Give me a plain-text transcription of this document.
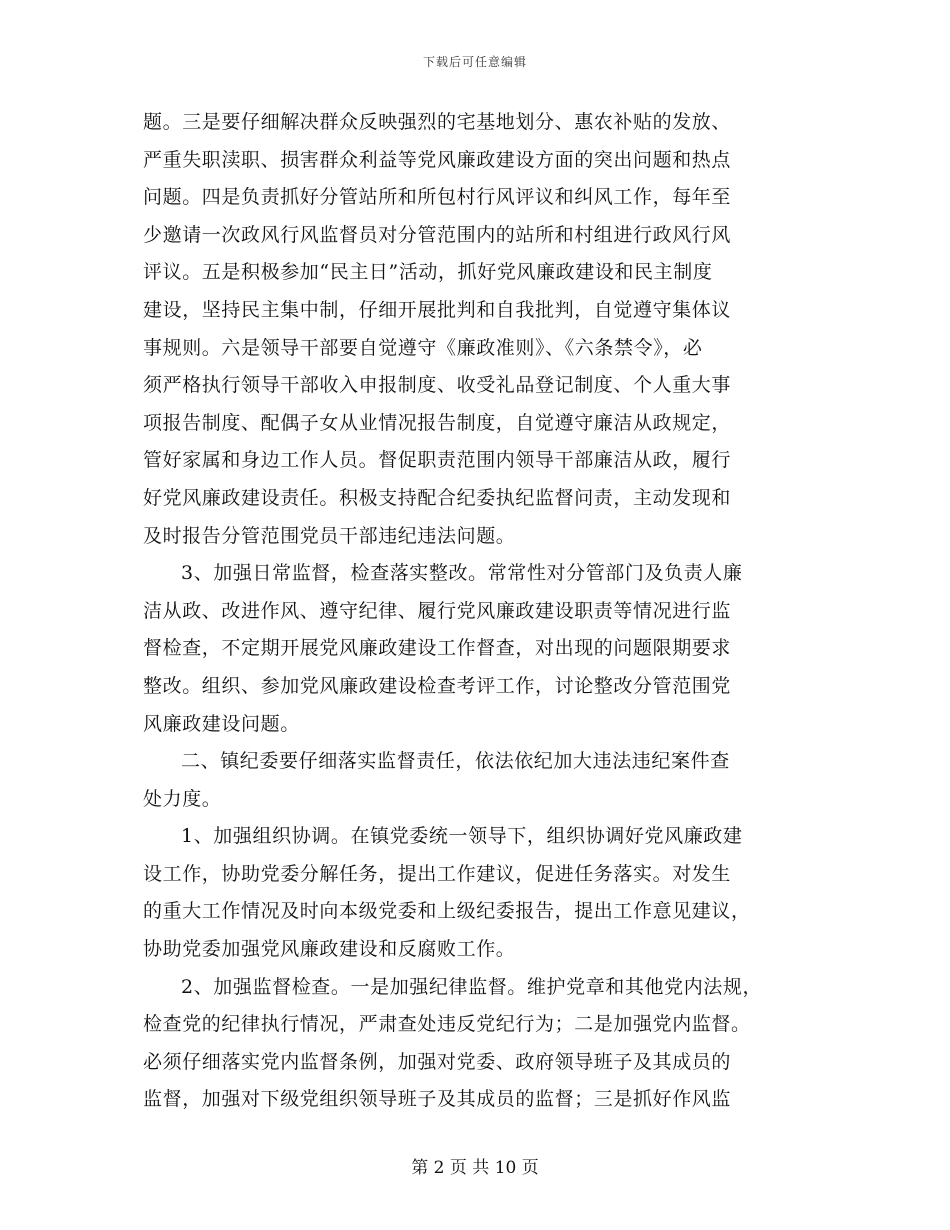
下载后可任意编辑
题。三是要仔细解决群众反映强烈的宅基地划分、惠农补贴的发放、
严重失职渎职、损害群众利益等党风廉政建设方面的突出问题和热点
问题。四是负责抓好分管站所和所包村行风评议和纠风工作，每年至
少邀请一次政风行风监督员对分管范围内的站所和村组进行政风行风
评议。五是积极参加“民主日”活动，抓好党风廉政建设和民主制度
建设，坚持民主集中制，仔细开展批判和自我批判，自觉遵守集体议
事规则。六是领导干部要自觉遵守《廉政准则》、《六条禁令》，必
须严格执行领导干部收入申报制度、收受礼品登记制度、个人重大事
项报告制度、配偶子女从业情况报告制度，自觉遵守廉洁从政规定，
管好家属和身边工作人员。督促职责范围内领导干部廉洁从政，履行
好党风廉政建设责任。积极支持配合纪委执纪监督问责，主动发现和
及时报告分管范围党员干部违纪违法问题。
3、加强日常监督，检查落实整改。常常性对分管部门及负责人廉
洁从政、改进作风、遵守纪律、履行党风廉政建设职责等情况进行监
督检查，不定期开展党风廉政建设工作督查，对出现的问题限期要求
整改。组织、参加党风廉政建设检查考评工作，讨论整改分管范围党
风廉政建设问题。
二、镇纪委要仔细落实监督责任，依法依纪加大违法违纪案件查
处力度。
1、加强组织协调。在镇党委统一领导下，组织协调好党风廉政建
设工作，协助党委分解任务，提出工作建议，促进任务落实。对发生
的重大工作情况及时向本级党委和上级纪委报告，提出工作意见建议，
协助党委加强党风廉政建设和反腐败工作。
2、加强监督检查。一是加强纪律监督。维护党章和其他党内法规，
检查党的纪律执行情况，严肃查处违反党纪行为；二是加强党内监督。
必须仔细落实党内监督条例，加强对党委、政府领导班子及其成员的
监督，加强对下级党组织领导班子及其成员的监督；三是抓好作风监
第 2 页 共 10 页
